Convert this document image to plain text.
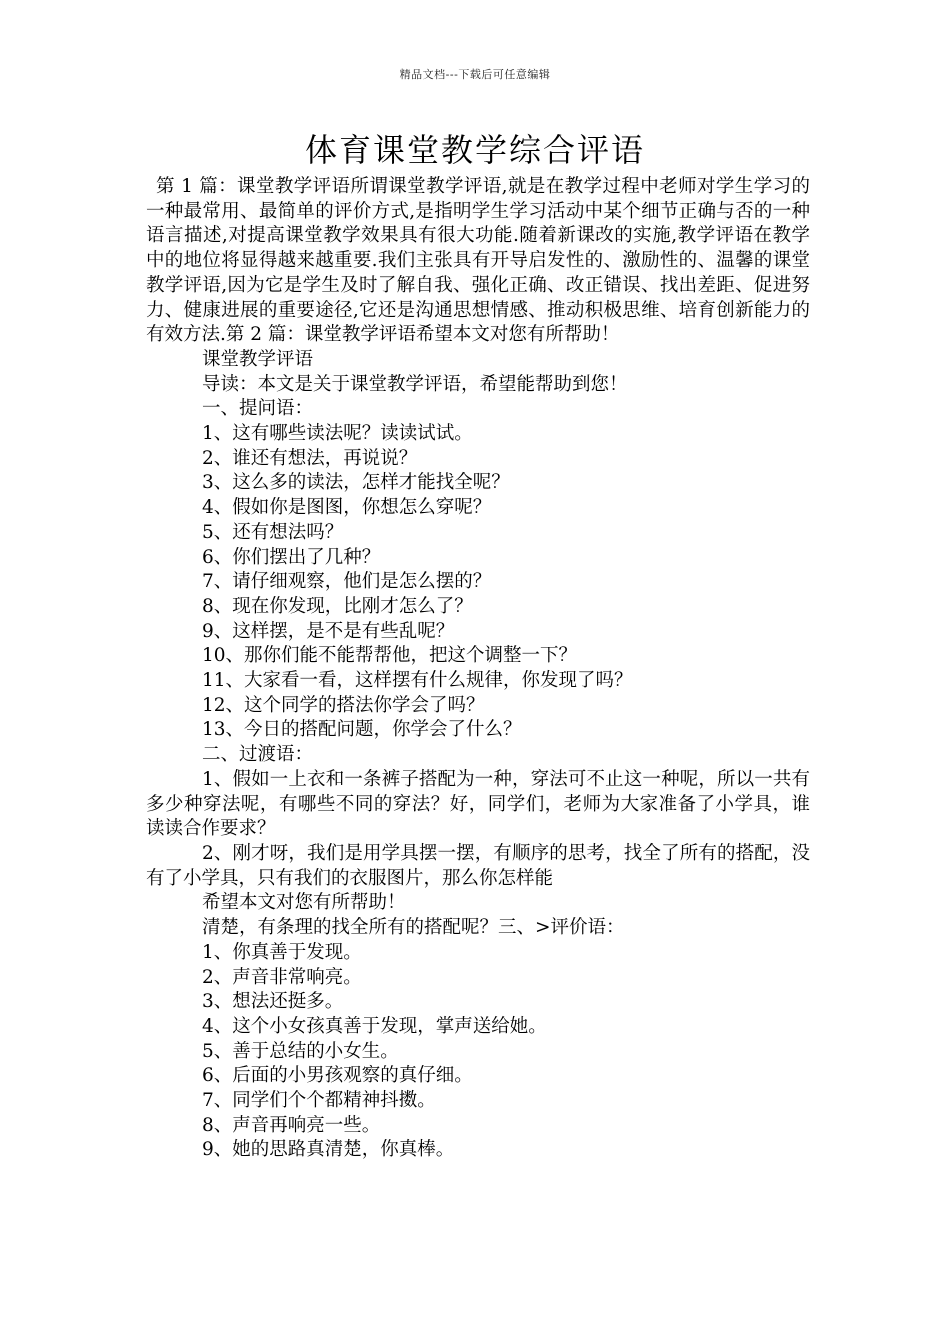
精品文档---下载后可任意编辑
体育课堂教学综合评语

第 1 篇：课堂教学评语所谓课堂教学评语,就是在教学过程中老师对学生学习的一种最常用、最简单的评价方式,是指明学生学习活动中某个细节正确与否的一种语言描述,对提高课堂教学效果具有很大功能.随着新课改的实施,教学评语在教学中的地位将显得越来越重要.我们主张具有开导启发性的、激励性的、温馨的课堂教学评语,因为它是学生及时了解自我、强化正确、改正错误、找出差距、促进努力、健康进展的重要途径,它还是沟通思想情感、推动积极思维、培育创新能力的有效方法.第 2 篇：课堂教学评语希望本文对您有所帮助！

课堂教学评语
导读：本文是关于课堂教学评语，希望能帮助到您！
一、提问语：
1、这有哪些读法呢？读读试试。
2、谁还有想法，再说说？
3、这么多的读法，怎样才能找全呢？
4、假如你是图图，你想怎么穿呢？
5、还有想法吗？
6、你们摆出了几种？
7、请仔细观察，他们是怎么摆的？
8、现在你发现，比刚才怎么了？
9、这样摆，是不是有些乱呢？
10、那你们能不能帮帮他，把这个调整一下？
11、大家看一看，这样摆有什么规律，你发现了吗？
12、这个同学的搭法你学会了吗？
13、今日的搭配问题，你学会了什么？
二、过渡语：

1、假如一上衣和一条裤子搭配为一种，穿法可不止这一种呢，所以一共有多少种穿法呢，有哪些不同的穿法？好，同学们，老师为大家准备了小学具，谁读读合作要求？

2、刚才呀，我们是用学具摆一摆，有顺序的思考，找全了所有的搭配，没有了小学具，只有我们的衣服图片，那么你怎样能

希望本文对您有所帮助！
清楚，有条理的找全所有的搭配呢？三、>评价语：
1、你真善于发现。
2、声音非常响亮。
3、想法还挺多。
4、这个小女孩真善于发现，掌声送给她。
5、善于总结的小女生。
6、后面的小男孩观察的真仔细。
7、同学们个个都精神抖擞。
8、声音再响亮一些。
9、她的思路真清楚，你真棒。
